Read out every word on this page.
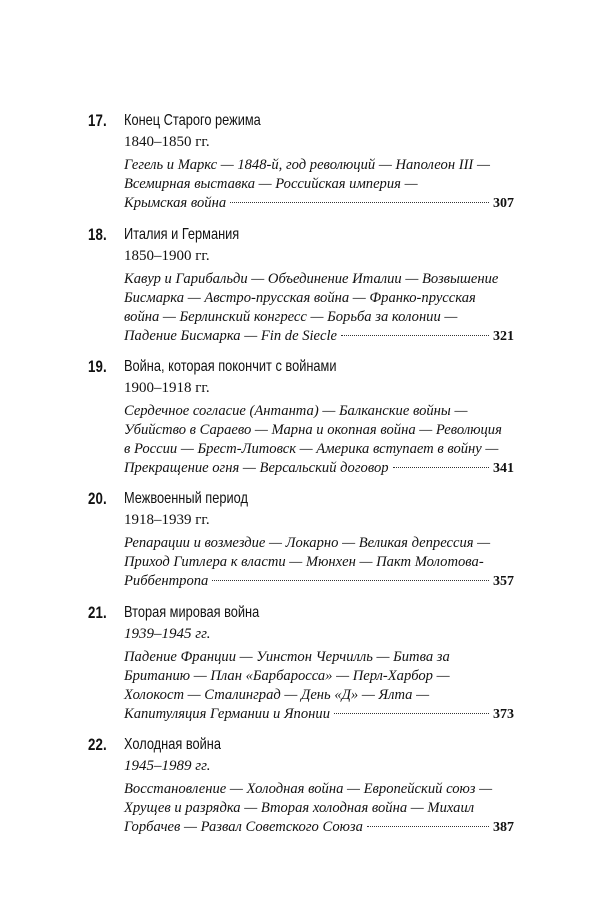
17.	Конец Старого режима
1840–1850 гг.
Гегель и Маркс — 1848-й, год революций — Наполеон III —
Всемирная выставка — Российская империя —
Крымская война	307
18.	Италия и Германия
1850–1900 гг.
Кавур и Гарибальди — Объединение Италии — Возвышение
Бисмарка — Австро-прусская война — Франко-прусская
война — Берлинский конгресс — Борьба за колонии —
Падение Бисмарка — Fin de Siecle	321
19.	Война, которая покончит с войнами
1900–1918 гг.
Сердечное согласие (Антанта) — Балканские войны —
Убийство в Сараево — Марна и окопная война — Революция
в России — Брест-Литовск — Америка вступает в войну —
Прекращение огня — Версальский договор	341
20.	Межвоенный период
1918–1939 гг.
Репарации и возмездие — Локарно — Великая депрессия —
Приход Гитлера к власти — Мюнхен — Пакт Молотова-
Риббентропа	357
21.	Вторая мировая война
1939–1945 гг.
Падение Франции — Уинстон Черчилль — Битва за
Британию — План «Барбаросса» — Перл-Харбор —
Холокост — Сталинград — День «Д» — Ялта —
Капитуляция Германии и Японии	373
22.	Холодная война
1945–1989 гг.
Восстановление — Холодная война — Европейский союз —
Хрущев и разрядка — Вторая холодная война — Михаил
Горбачев — Развал Советского Союза	387
